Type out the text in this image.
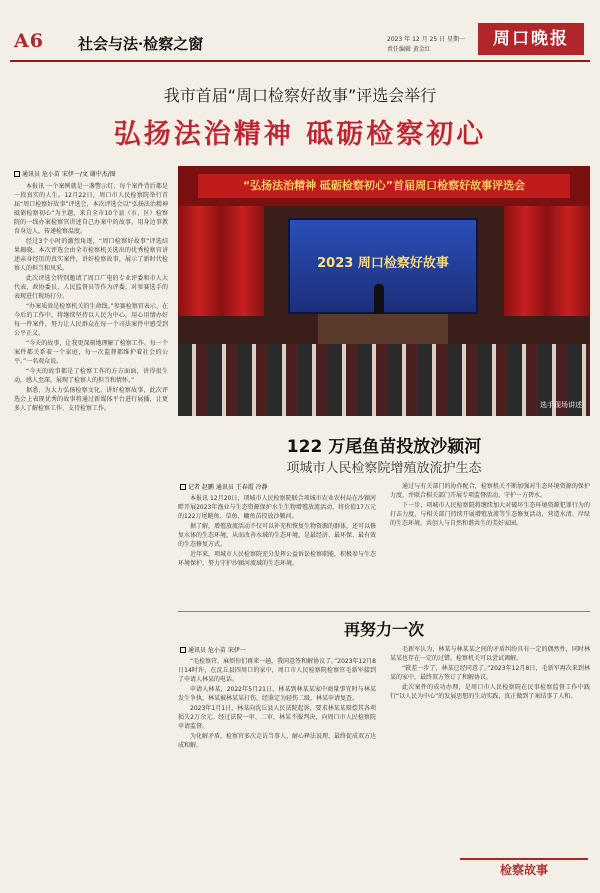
A6 社会与法·检察之窗	2023 年 12 月 25 日 星期一
责任编辑 黄金红
周口晚报
我市首届“周口检察好故事”评选会举行
弘扬法治精神 砥砺检察初心
通讯员 危小苗 宋伊一/文 谢中杰/图

本报讯 一个案例就是一盏警示灯，每个案件背后都是一段真实的人生。12月22日，周口市人民检察院举行首届“周口检察好故事”评选会，本次评选会以“弘扬法治精神 砥砺检察初心”为主题，来自全市10个县（市、区）检察院的一线办案检察官讲述自己办案中的故事，用身边事教育身边人，传递检察温度。

经过3个小时的激烈角逐，“周口检察好故事”评选结果揭晓。本次评选会由全市检察机关选出的优秀检察官讲述亲身经历的真实案件，讲好检察故事，展示了新时代检察人的担当和风采。

此次评选会特别邀请了周口广电的专业评委和市人大代表、政协委员、人民监督员等作为评委，对参赛选手的表现进行现场打分。

“办案质效是检察机关的生命线。”参赛检察官表示，在今后的工作中，将继续坚持以人民为中心，用心用情办好每一件案件，努力让人民群众在每一个司法案件中感受到公平正义。

“今天的故事，让我更深刻地理解了检察工作。每一个案件都关系着一个家庭，每一次监督都维护着社会的公平。”一名观众说。

“今天的故事都是了检察工作的方方面面，讲得很生动，感人至深，展现了检察人的担当和情怀。”

据悉，为大力弘扬检察文化，讲好检察故事，此次评选会上表现优秀的故事将通过新媒体平台进行展播，让更多人了解检察工作、支持检察工作。

“弘扬法治精神 砥砺检察初心”首届周口检察好故事评选会
2023 周口检察好故事
选手现场讲述
122 万尾鱼苗投放沙颍河
项城市人民检察院增殖放流护生态
记者 赵鹏 通讯员 王春霞 冷静

本报讯 12月20日，项城市人民检察院联合项城市农业农村局在沙颍河畔开展2023年渔业与生态资源保护水生生物增殖放流活动，将价值17万元的122万尾鲢鱼、草鱼、鳙鱼苗投放沙颍河。

据了解，增殖放流活动不仅可以补充和恢复生物资源的群体，还可以修复水体的生态环境，从而改善水域的生态环境，是最经济、最环保、最有效的生态修复方式。

近年来，项城市人民检察院充分发挥公益诉讼检察职能，积极参与生态环境保护，努力守护沙颍河流域的生态环境。

通过与有关部门的协作配合，检察机关不断加强对生态环境资源的保护力度，并联合相关部门开展专项监督活动，守护一方碧水。

下一步，项城市人民检察院将继续加大对破坏生态环境资源犯罪行为的打击力度，与相关部门持续开展增殖放流等生态修复活动，营造水清、岸绿的生态环境，共创人与自然和谐共生的美好家园。

再努力一次
通讯员 危小苗 宋伊一

“毛检察官，麻烦你们再来一趟，我同意签和解协议了。”2023年12月8日14时许，在沈丘县四周口的家中，周口市人民检察院检察官毛新军接到了申请人林某的电话。

申请人林某，2022年5月21日，林某到林某某家中商量事宜时与林某发生争执，林某被林某某打伤，经鉴定为轻伤二级，林某申请复查。

2023年1月1日，林某向沈丘县人民法院起诉，要求林某某赔偿其各项损失2万余元。经过法院一审、二审，林某不服判决，向周口市人民检察院申请监督。

为化解矛盾，检察官多次走访当事人，耐心释法说理，最终促成双方达成和解。

毛新军认为，林某与林某某之间的矛盾纠纷具有一定的偶然性，同时林某某也存在一定的过错，检察机关可以尝试调解。

“就差一步了，林某已经同意了。”2023年12月8日，毛新军再次来到林某的家中，最终双方签订了和解协议。

此次案件的成功办理，是周口市人民检察院在民事检察监督工作中践行“以人民为中心”的发展思想的生动实践，真正做到了案结事了人和。

检察故事
